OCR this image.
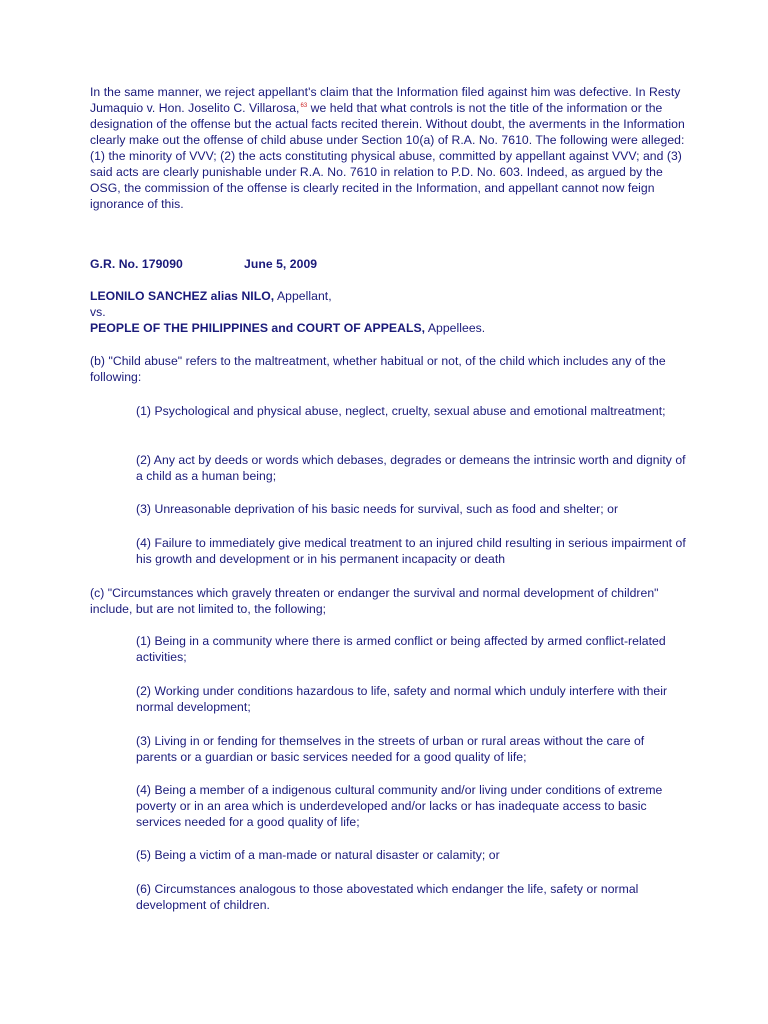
In the same manner, we reject appellant's claim that the Information filed against him was defective. In Resty Jumaquio v. Hon. Joselito C. Villarosa,$^{63}$ we held that what controls is not the title of the information or the designation of the offense but the actual facts recited therein. Without doubt, the averments in the Information clearly make out the offense of child abuse under Section 10(a) of R.A. No. 7610. The following were alleged: (1) the minority of VVV; (2) the acts constituting physical abuse, committed by appellant against VVV; and (3) said acts are clearly punishable under R.A. No. 7610 in relation to P.D. No. 603. Indeed, as argued by the OSG, the commission of the offense is clearly recited in the Information, and appellant cannot now feign ignorance of this.

G.R. No. 179090	June 5, 2009
LEONILO SANCHEZ alias NILO, Appellant,
vs.
PEOPLE OF THE PHILIPPINES and COURT OF APPEALS, Appellees.

(b) "Child abuse" refers to the maltreatment, whether habitual or not, of the child which includes any of the following:

(1) Psychological and physical abuse, neglect, cruelty, sexual abuse and emotional maltreatment;

(2) Any act by deeds or words which debases, degrades or demeans the intrinsic worth and dignity of a child as a human being;

(3) Unreasonable deprivation of his basic needs for survival, such as food and shelter; or

(4) Failure to immediately give medical treatment to an injured child resulting in serious impairment of his growth and development or in his permanent incapacity or death

(c) "Circumstances which gravely threaten or endanger the survival and normal development of children" include, but are not limited to, the following;

(1) Being in a community where there is armed conflict or being affected by armed conflict-related activities;

(2) Working under conditions hazardous to life, safety and normal which unduly interfere with their normal development;

(3) Living in or fending for themselves in the streets of urban or rural areas without the care of parents or a guardian or basic services needed for a good quality of life;

(4) Being a member of a indigenous cultural community and/or living under conditions of extreme poverty or in an area which is underdeveloped and/or lacks or has inadequate access to basic services needed for a good quality of life;

(5) Being a victim of a man-made or natural disaster or calamity; or

(6) Circumstances analogous to those abovestated which endanger the life, safety or normal development of children.
